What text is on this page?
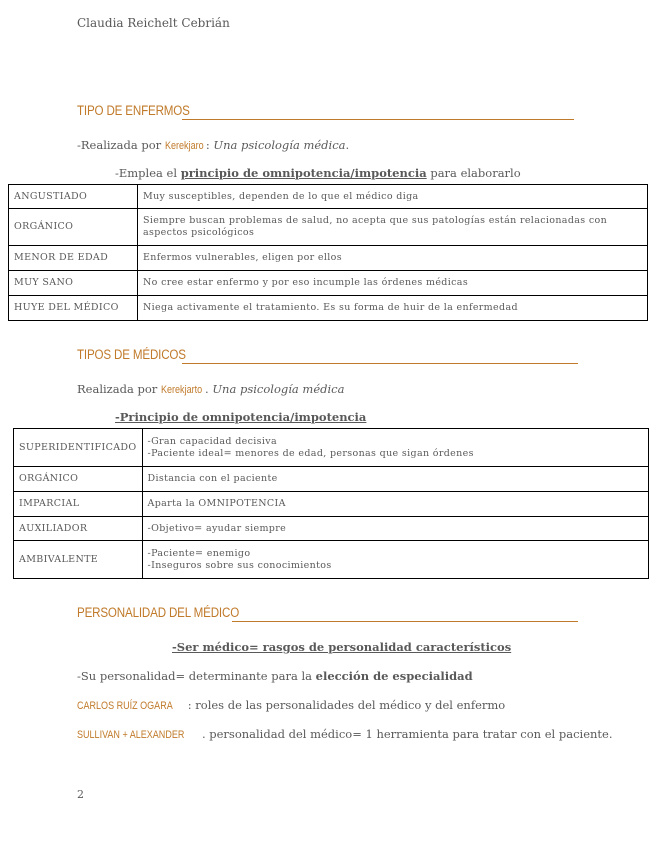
Claudia Reichelt Cebrián
TIPO DE ENFERMOS
-Realizada por Kerekjaro : Una psicología médica.
-Emplea el principio de omnipotencia/impotencia para elaborarlo
ANGUSTIADO	Muy susceptibles, dependen de lo que el médico diga
ORGÁNICO	Siempre buscan problemas de salud, no acepta que sus patologías están relacionadas con
aspectos psicológicos

MENOR DE EDAD	Enfermos vulnerables, eligen por ellos
MUY SANO	No cree estar enfermo y por eso incumple las órdenes médicas
HUYE DEL MÉDICO	Niega activamente el tratamiento. Es su forma de huir de la enfermedad
TIPOS DE MÉDICOS
Realizada por Kerekjarto . Una psicología médica
-Principio de omnipotencia/impotencia
SUPERIDENTIFICADO	-Gran capacidad decisiva
-Paciente ideal= menores de edad, personas que sigan órdenes

ORGÁNICO	Distancia con el paciente
IMPARCIAL	Aparta la OMNIPOTENCIA
AUXILIADOR	-Objetivo= ayudar siempre
AMBIVALENTE	-Paciente= enemigo
-Inseguros sobre sus conocimientos
PERSONALIDAD DEL MÉDICO
-Ser médico= rasgos de personalidad característicos
-Su personalidad= determinante para la elección de especialidad
CARLOS RUÍZ OGARA : roles de las personalidades del médico y del enfermo
SULLIVAN + ALEXANDER . personalidad del médico= 1 herramienta para tratar con el paciente.
2
